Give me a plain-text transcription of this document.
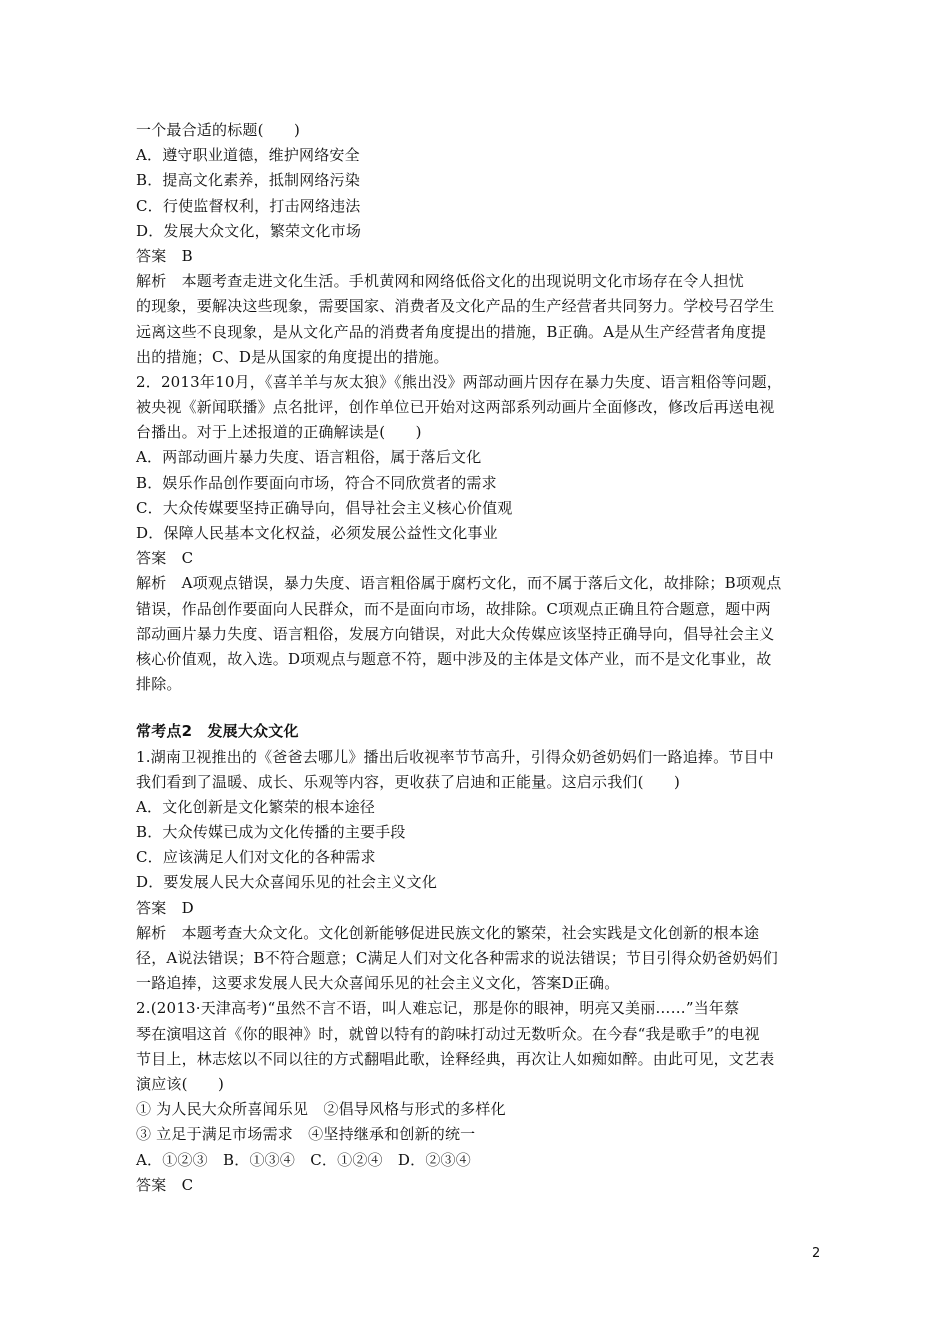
一个最合适的标题(　　)
A．遵守职业道德，维护网络安全
B．提高文化素养，抵制网络污染
C．行使监督权利，打击网络违法
D．发展大众文化，繁荣文化市场
答案　B
解析　本题考查走进文化生活。手机黄网和网络低俗文化的出现说明文化市场存在令人担忧
的现象，要解决这些现象，需要国家、消费者及文化产品的生产经营者共同努力。学校号召学生
远离这些不良现象，是从文化产品的消费者角度提出的措施，B正确。A是从生产经营者角度提
出的措施；C、D是从国家的角度提出的措施。
2．2013年10月，《喜羊羊与灰太狼》《熊出没》两部动画片因存在暴力失度、语言粗俗等问题，
被央视《新闻联播》点名批评，创作单位已开始对这两部系列动画片全面修改，修改后再送电视
台播出。对于上述报道的正确解读是(　　)
A．两部动画片暴力失度、语言粗俗，属于落后文化
B．娱乐作品创作要面向市场，符合不同欣赏者的需求
C．大众传媒要坚持正确导向，倡导社会主义核心价值观
D．保障人民基本文化权益，必须发展公益性文化事业
答案　C
解析　A项观点错误，暴力失度、语言粗俗属于腐朽文化，而不属于落后文化，故排除；B项观点
错误，作品创作要面向人民群众，而不是面向市场，故排除。C项观点正确且符合题意，题中两
部动画片暴力失度、语言粗俗，发展方向错误，对此大众传媒应该坚持正确导向，倡导社会主义
核心价值观，故入选。D项观点与题意不符，题中涉及的主体是文体产业，而不是文化事业，故
排除。
常考点2　发展大众文化
1.湖南卫视推出的《爸爸去哪儿》播出后收视率节节高升，引得众奶爸奶妈们一路追捧。节目中
我们看到了温暖、成长、乐观等内容，更收获了启迪和正能量。这启示我们(　　)
A．文化创新是文化繁荣的根本途径
B．大众传媒已成为文化传播的主要手段
C．应该满足人们对文化的各种需求
D．要发展人民大众喜闻乐见的社会主义文化
答案　D
解析　本题考查大众文化。文化创新能够促进民族文化的繁荣，社会实践是文化创新的根本途
径，A说法错误；B不符合题意；C满足人们对文化各种需求的说法错误；节目引得众奶爸奶妈们
一路追捧，这要求发展人民大众喜闻乐见的社会主义文化，答案D正确。
2.(2013·天津高考)“虽然不言不语，叫人难忘记，那是你的眼神，明亮又美丽……”当年蔡
琴在演唱这首《你的眼神》时，就曾以特有的韵味打动过无数听众。在今春“我是歌手”的电视
节目上，林志炫以不同以往的方式翻唱此歌，诠释经典，再次让人如痴如醉。由此可见，文艺表
演应该(　　)
① 为人民大众所喜闻乐见　②倡导风格与形式的多样化
③ 立足于满足市场需求　④坚持继承和创新的统一
A．①②③　B．①③④　C．①②④　D．②③④
答案　C
2
